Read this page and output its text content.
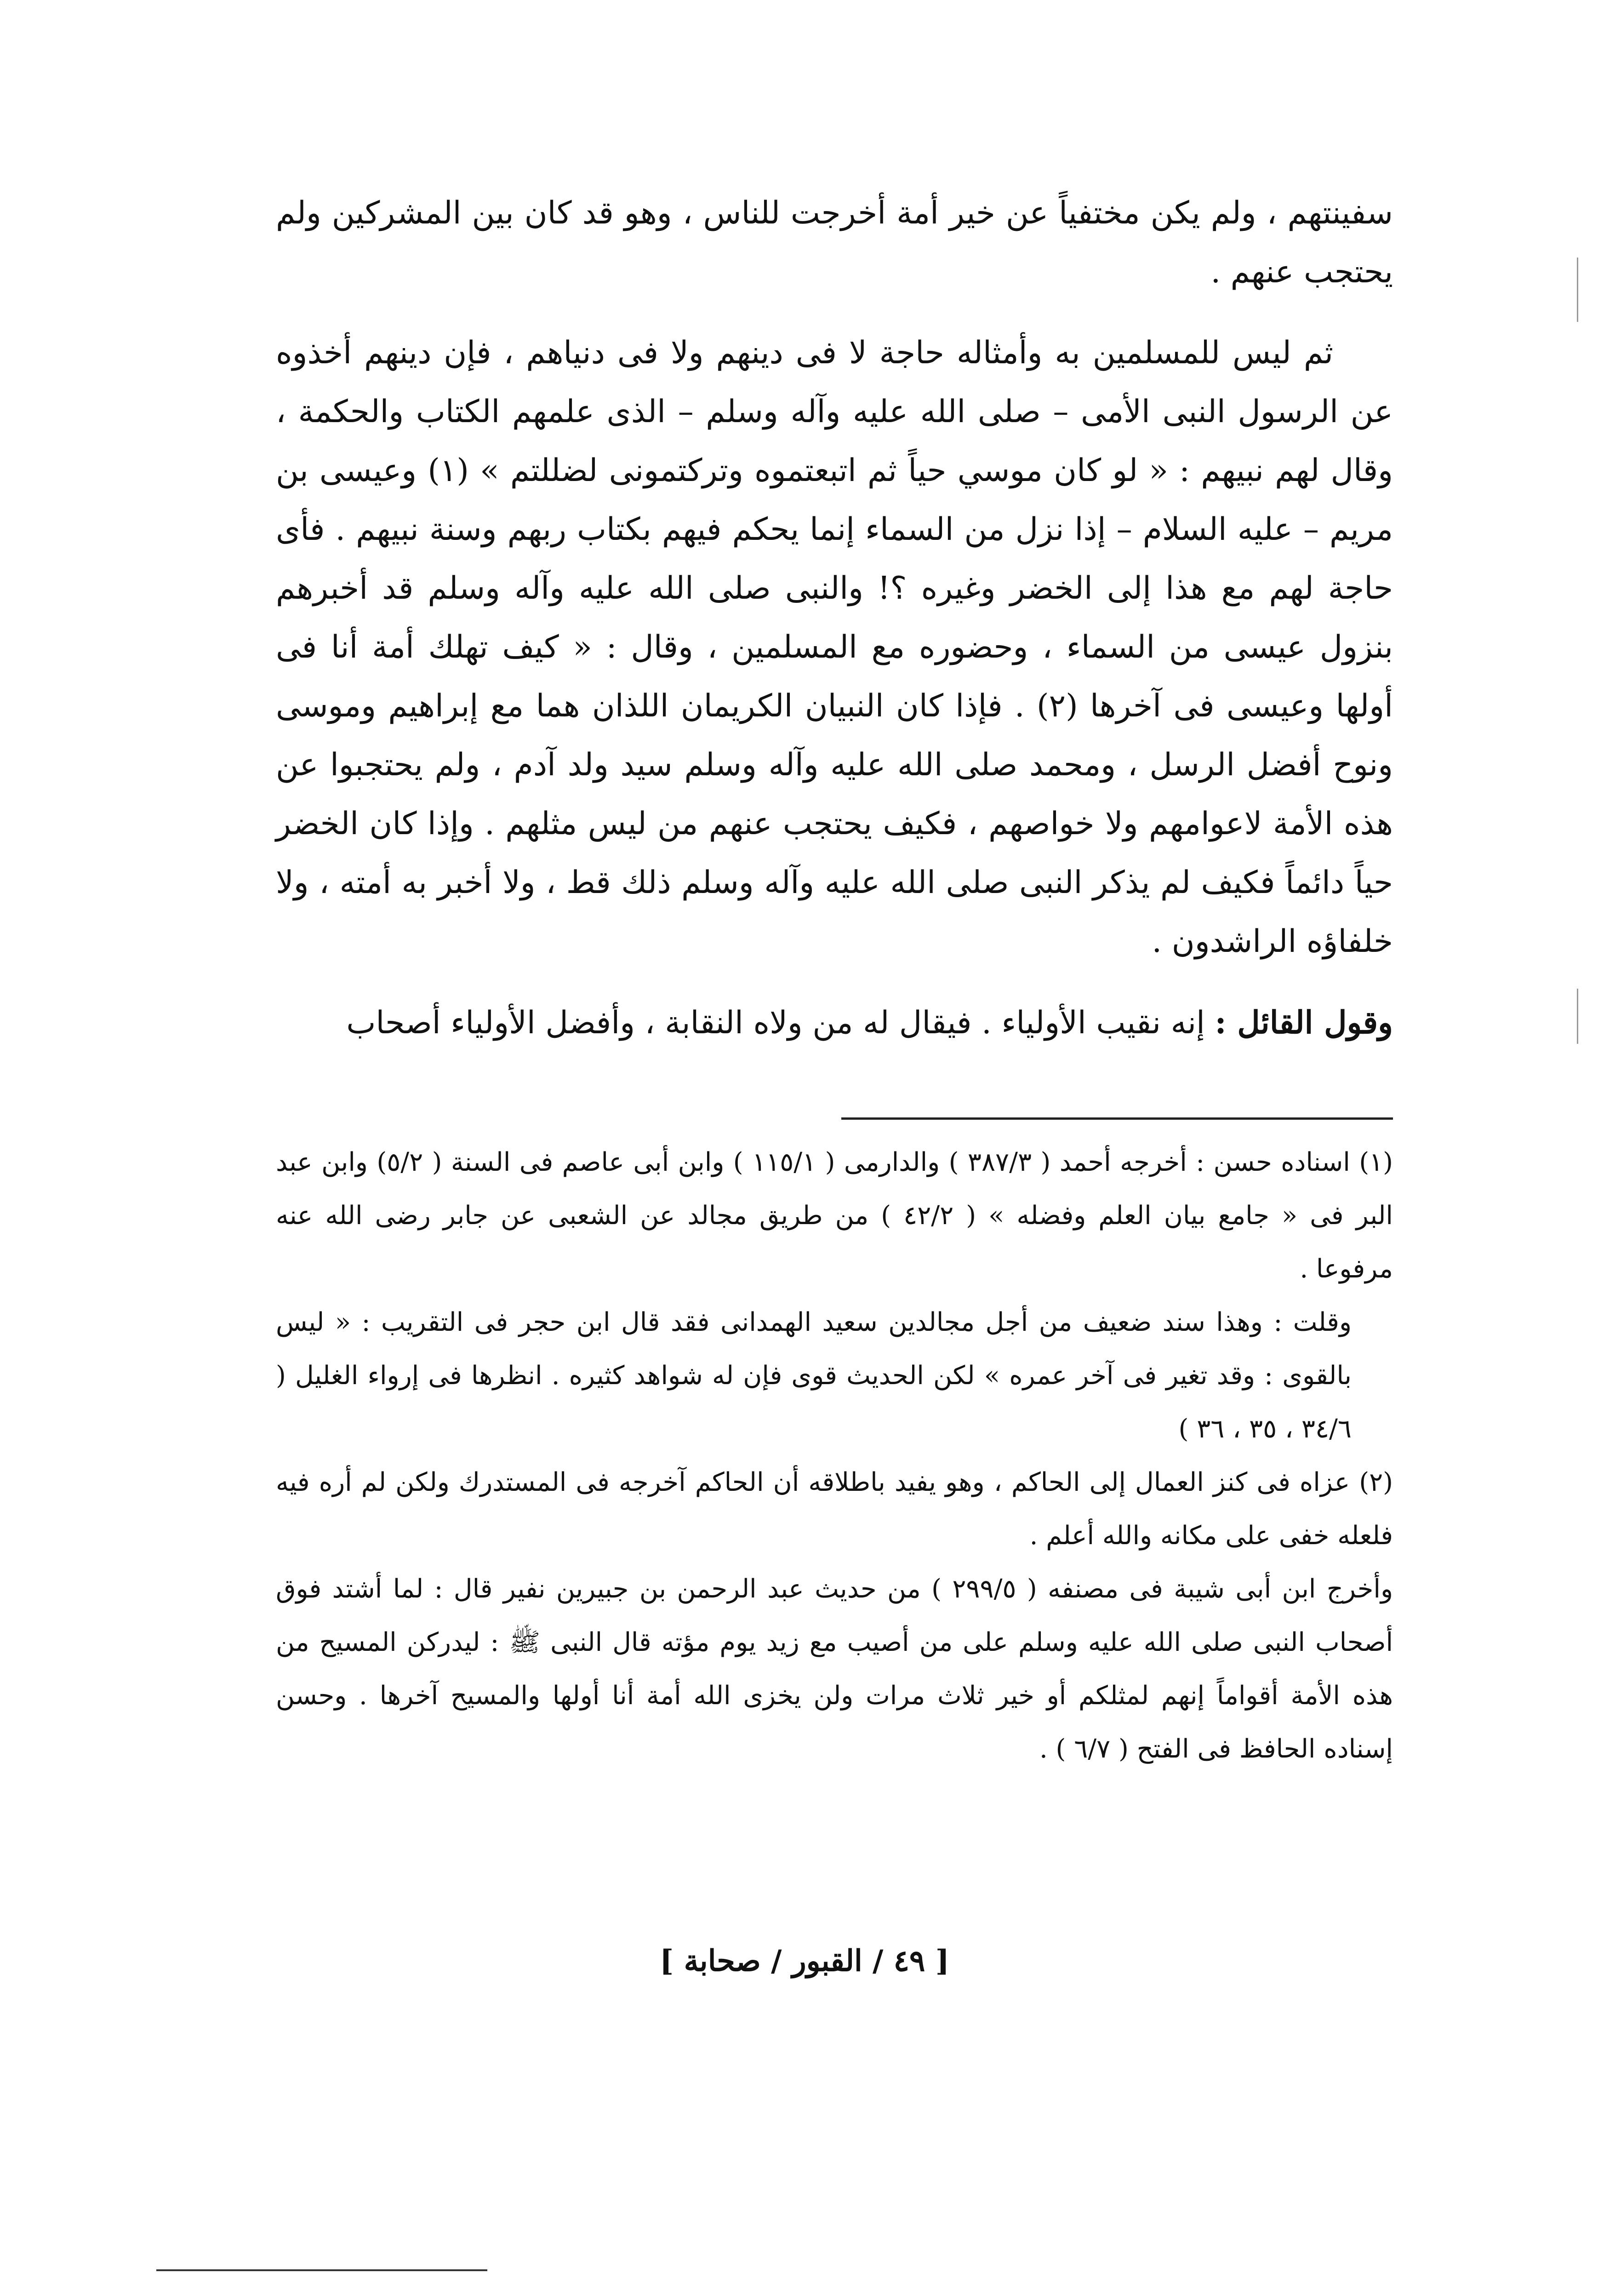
سفينتهم ، ولم يكن مختفياً عن خير أمة أخرجت للناس ، وهو قد كان بين المشركين ولم يحتجب عنهم .

ثم ليس للمسلمين به وأمثاله حاجة لا فى دينهم ولا فى دنياهم ، فإن دينهم أخذوه عن الرسول النبى الأمى – صلى الله عليه وآله وسلم – الذى علمهم الكتاب والحكمة ، وقال لهم نبيهم : « لو كان موسي حياً ثم اتبعتموه وتركتمونى لضللتم » (١) وعيسى بن مريم – عليه السلام – إذا نزل من السماء إنما يحكم فيهم بكتاب ربهم وسنة نبيهم . فأى حاجة لهم مع هذا إلى الخضر وغيره ؟! والنبى صلى الله عليه وآله وسلم قد أخبرهم بنزول عيسى من السماء ، وحضوره مع المسلمين ، وقال : « كيف تهلك أمة أنا فى أولها وعيسى فى آخرها (٢) . فإذا كان النبيان الكريمان اللذان هما مع إبراهيم وموسى ونوح أفضل الرسل ، ومحمد صلى الله عليه وآله وسلم سيد ولد آدم ، ولم يحتجبوا عن هذه الأمة لاعوامهم ولا خواصهم ، فكيف يحتجب عنهم من ليس مثلهم . وإذا كان الخضر حياً دائماً فكيف لم يذكر النبى صلى الله عليه وآله وسلم ذلك قط ، ولا أخبر به أمته ، ولا خلفاؤه الراشدون .

وقول القائل : إنه نقيب الأولياء . فيقال له من ولاه النقابة ، وأفضل الأولياء أصحاب

(١) اسناده حسن : أخرجه أحمد ( ٣٨٧/٣ ) والدارمى ( ١١٥/١ ) وابن أبى عاصم فى السنة ( ٥/٢) وابن عبد البر فى « جامع بيان العلم وفضله » ( ٤٢/٢ ) من طريق مجالد عن الشعبى عن جابر رضى الله عنه مرفوعا .

وقلت : وهذا سند ضعيف من أجل مجالدين سعيد الهمدانى فقد قال ابن حجر فى التقريب : « ليس بالقوى : وقد تغير فى آخر عمره » لكن الحديث قوى فإن له شواهد كثيره . انظرها فى إرواء الغليل ( ٣٤/٦ ، ٣٥ ، ٣٦ )

(٢) عزاه فى كنز العمال إلى الحاكم ، وهو يفيد باطلاقه أن الحاكم آخرجه فى المستدرك ولكن لم أره فيه فلعله خفى على مكانه والله أعلم .

وأخرج ابن أبى شيبة فى مصنفه ( ٢٩٩/٥ ) من حديث عبد الرحمن بن جبيرين نفير قال : لما أشتد فوق أصحاب النبى صلى الله عليه وسلم على من أصيب مع زيد يوم مؤته قال النبى ﷺ : ليدركن المسيح من هذه الأمة أقواماً إنهم لمثلكم أو خير ثلاث مرات ولن يخزى الله أمة أنا أولها والمسيح آخرها . وحسن إسناده الحافظ فى الفتح ( ٦/٧ ) .

[ ٤٩ / القبور / صحابة ]
